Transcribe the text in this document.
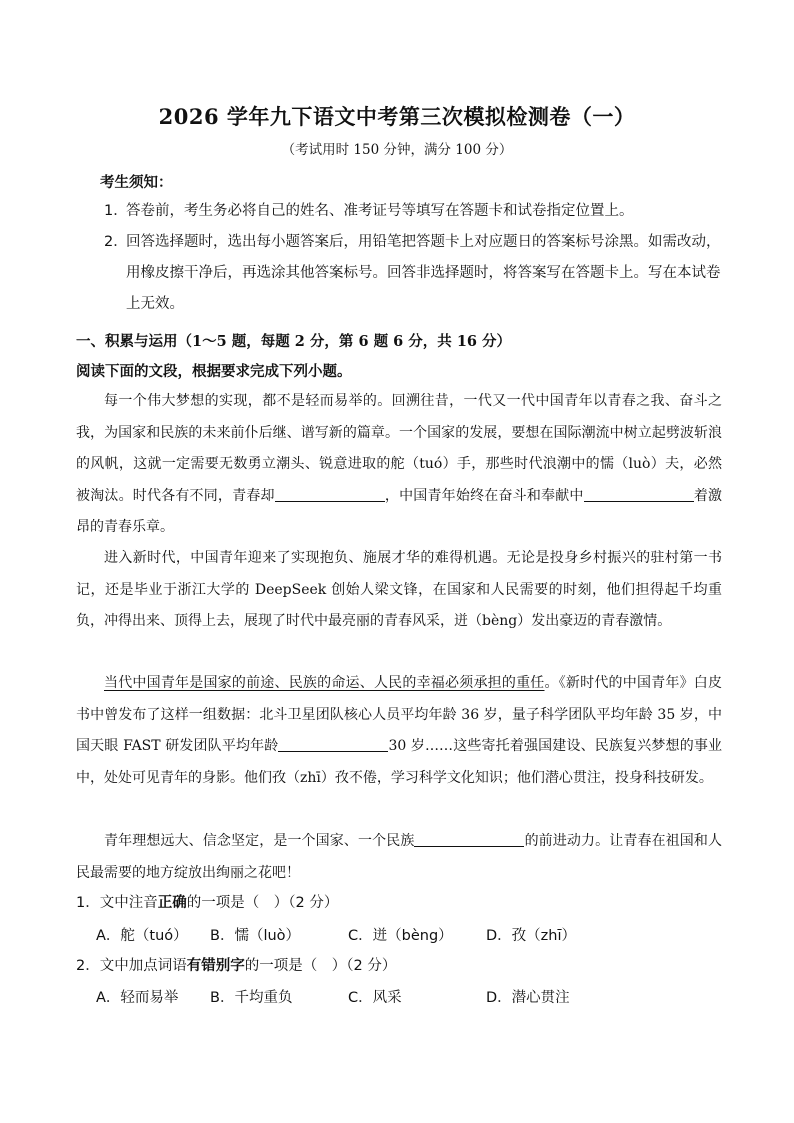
2026 学年九下语文中考第三次模拟检测卷（一）
（考试用时 150 分钟，满分 100 分）
考生须知：
1．
答卷前，考生务必将自己的姓名、准考证号等填写在答题卡和试卷指定位置上。
2．
回答选择题时，选出每小题答案后，用铅笔把答题卡上对应题日的答案标号涂黑。如需改动，用橡皮擦干净后，再选涂其他答案标号。回答非选择题时，将答案写在答题卡上。写在本试卷上无效。
一、积累与运用（1～5 题，每题 2 分，第 6 题 6 分，共 16 分）
阅读下面的文段，根据要求完成下列小题。
每一个伟大梦想的实现，都不是轻而易举的。回溯往昔，一代又一代中国青年以青春之我、奋斗之我，为国家和民族的未来前仆后继、谱写新的篇章。一个国家的发展，要想在国际潮流中树立起劈波斩浪的风帆，这就一定需要无数勇立潮头、锐意进取的舵（tuó）手，那些时代浪潮中的懦（luò）夫，必然被淘汰。时代各有不同，青春却	，中国青年始终在奋斗和奉献中	着激昂的青春乐章。
进入新时代，中国青年迎来了实现抱负、施展才华的难得机遇。无论是投身乡村振兴的驻村第一书记，还是毕业于浙江大学的 DeepSeek 创始人梁文锋，在国家和人民需要的时刻，他们担得起千均重负，冲得出来、顶得上去，展现了时代中最亮丽的青春风采，迸（bèng）发出豪迈的青春激情。
当代中国青年是国家的前途、民族的命运、人民的幸福必须承担的重任。《新时代的中国青年》白皮书中曾发布了这样一组数据：北斗卫星团队核心人员平均年龄 36 岁，量子科学团队平均年龄 35 岁，中国天眼 FAST 研发团队平均年龄	30 岁……这些寄托着强国建设、民族复兴梦想的事业中，处处可见青年的身影。他们孜（zhī）孜不倦，学习科学文化知识；他们潜心贯注，投身科技研发。
青年理想远大、信念坚定，是一个国家、一个民族	的前进动力。让青春在祖国和人民最需要的地方绽放出绚丽之花吧！
1．文中注音正确的一项是（　）（2 分）
A．舵（tuó） B．懦（luò）	C．迸（bèng） D．孜（zhī）
2．文中加点词语有错别字的一项是（　）（2 分）
A．轻而易举 B．千均重负	C．风采	D．潜心贯注
